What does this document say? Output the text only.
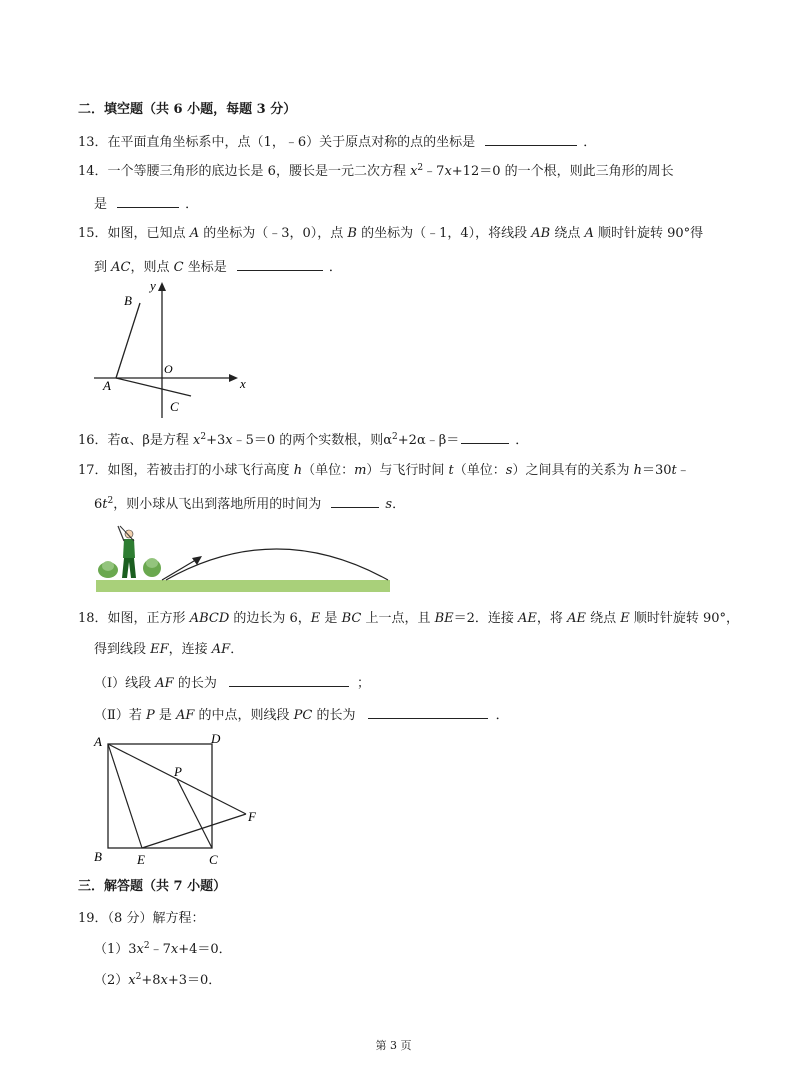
二．填空题（共 6 小题，每题 3 分）
13．在平面直角坐标系中，点（1，﹣6）关于原点对称的点的坐标是	．
14．一个等腰三角形的底边长是 6，腰长是一元二次方程 $x^2﹣7x+12=0$ 的一个根，则此三角形的周长
是	．
15．如图，已知点 A 的坐标为（﹣3，0），点 B 的坐标为（﹣1，4），将线段 AB 绕点 A 顺时针旋转 90°得
到 AC，则点 C 坐标是	．
y
x
O
A
B
C
16．若α、β是方程 $x^2+3x﹣5=0$ 的两个实数根，则$\alpha^2+2\alpha﹣\beta=$	．
17．如图，若被击打的小球飞行高度 h（单位：m）与飞行时间 t（单位：s）之间具有的关系为 h＝30t﹣
$6t^2$，则小球从飞出到落地所用的时间为	s．
18．如图，正方形 ABCD 的边长为 6，E 是 BC 上一点，且 BE＝2．连接 AE，将 AE 绕点 E 顺时针旋转 90°，
得到线段 EF，连接 AF．
（Ⅰ）线段 AF 的长为	；
（Ⅱ）若 P 是 AF 的中点，则线段 PC 的长为	．
A	D
P
F
B	E	C
三．解答题（共 7 小题）
19．（8 分）解方程：
$(1)3x^2﹣7x+4=0$．
$(2)x^2+8x+3=0$．
第 3 页
